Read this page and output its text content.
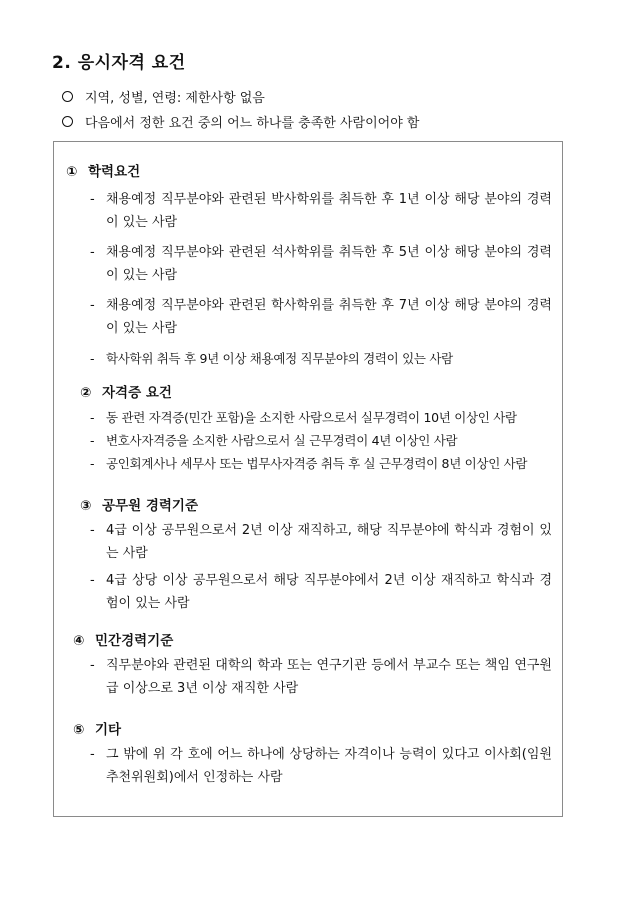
2. 응시자격 요건
지역, 성별, 연령: 제한사항 없음
다음에서 정한 요건 중의 어느 하나를 충족한 사람이어야 함
① 학력요건
- 채용예정 직무분야와 관련된 박사학위를 취득한 후 1년 이상 해당 분야의 경력이 있는 사람
- 채용예정 직무분야와 관련된 석사학위를 취득한 후 5년 이상 해당 분야의 경력이 있는 사람
- 채용예정 직무분야와 관련된 학사학위를 취득한 후 7년 이상 해당 분야의 경력이 있는 사람
- 학사학위 취득 후 9년 이상 채용예정 직무분야의 경력이 있는 사람
② 자격증 요건
- 동 관련 자격증(민간 포함)을 소지한 사람으로서 실무경력이 10년 이상인 사람
- 변호사자격증을 소지한 사람으로서 실 근무경력이 4년 이상인 사람
- 공인회계사나 세무사 또는 법무사자격증 취득 후 실 근무경력이 8년 이상인 사람
③ 공무원 경력기준
- 4급 이상 공무원으로서 2년 이상 재직하고, 해당 직무분야에 학식과 경험이 있는 사람
- 4급 상당 이상 공무원으로서 해당 직무분야에서 2년 이상 재직하고 학식과 경험이 있는 사람
④ 민간경력기준
- 직무분야와 관련된 대학의 학과 또는 연구기관 등에서 부교수 또는 책임 연구원급 이상으로 3년 이상 재직한 사람
⑤ 기타
- 그 밖에 위 각 호에 어느 하나에 상당하는 자격이나 능력이 있다고 이사회(임원추천위원회)에서 인정하는 사람
